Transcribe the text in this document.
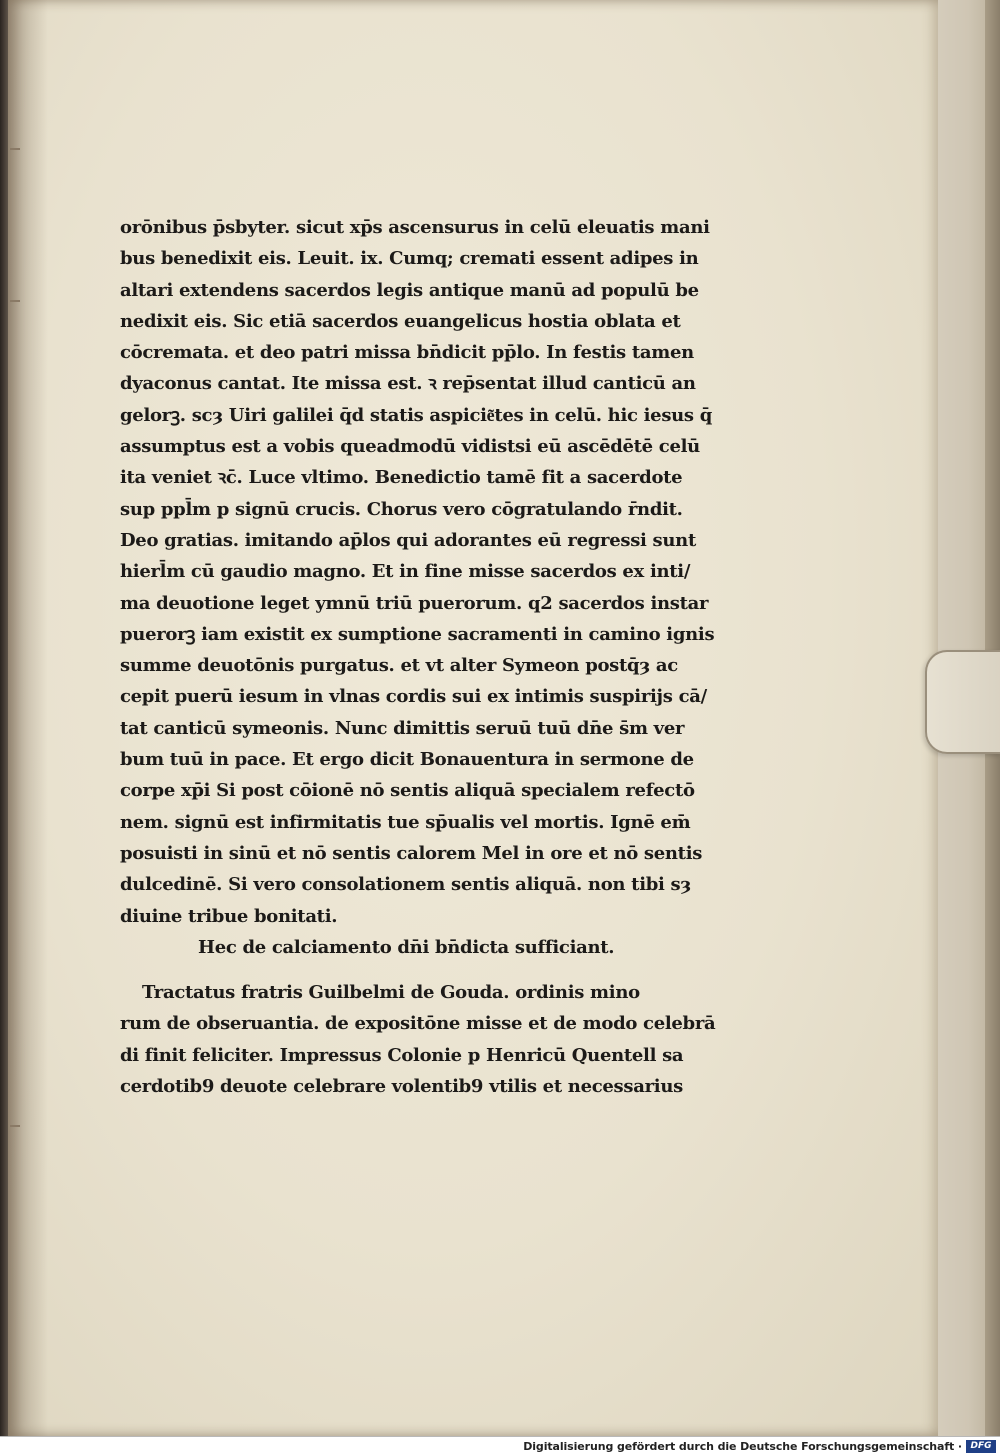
orōnibus p̄sbyter. sicut xp̄s ascensurus in celū eleuatis mani
bus benedixit eis. Leuit. ix. Cumq; cremati essent adipes in
altari extendens sacerdos legis antique manū ad populū be
nedixit eis. Sic etiā sacerdos euangelicus hostia oblata et
cōcremata. et deo patri missa bn̄dicit pp̄lo. In festis tamen
dyaconus cantat. Ite missa est. ꝛ rep̄sentat illud canticū an
gelorꝫ. scȝ Uiri galilei q̄d statis aspicie͂tes in celū. hic iesus q̄
assumptus est a vobis queadmodū vidistsi eū ascēdētē celū
ita veniet ꝛc̄. Luce vltimo. Benedictio tamē fit a sacerdote
sup ppl̄m p signū crucis. Chorus vero cōgratulando r̄ndit.
Deo gratias. imitando ap̄los qui adorantes eū regressi sunt
hierl̄m cū gaudio magno. Et in fine misse sacerdos ex inti/
ma deuotione leget ymnū triū puerorum. q2 sacerdos instar
puerorꝫ iam existit ex sumptione sacramenti in camino ignis
summe deuotōnis purgatus. et vt alter Symeon postq̄ȝ ac
cepit puerū iesum in vlnas cordis sui ex intimis suspirijs cā/
tat canticū symeonis. Nunc dimittis seruū tuū dn̄e s̄m ver
bum tuū in pace. Et ergo dicit Bonauentura in sermone de
corpe xp̄i Si post cōionē nō sentis aliquā specialem refectō
nem. signū est infirmitatis tue sp̄ualis vel mortis. Ignē em̄
posuisti in sinū et nō sentis calorem Mel in ore et nō sentis
dulcedinē. Si vero consolationem sentis aliquā. non tibi sȝ
diuine tribue bonitati.
Hec de calciamento dn̄i bn̄dicta sufficiant.
Tractatus fratris Guilbelmi de Gouda. ordinis mino
rum de obseruantia. de expositōne misse et de modo celebrā
di finit feliciter. Impressus Colonie p Henricū Quentell sa
cerdotib9 deuote celebrare volentib9 vtilis et necessarius
Digitalisierung gefördert durch die Deutsche Forschungsgemeinschaft · DFG
